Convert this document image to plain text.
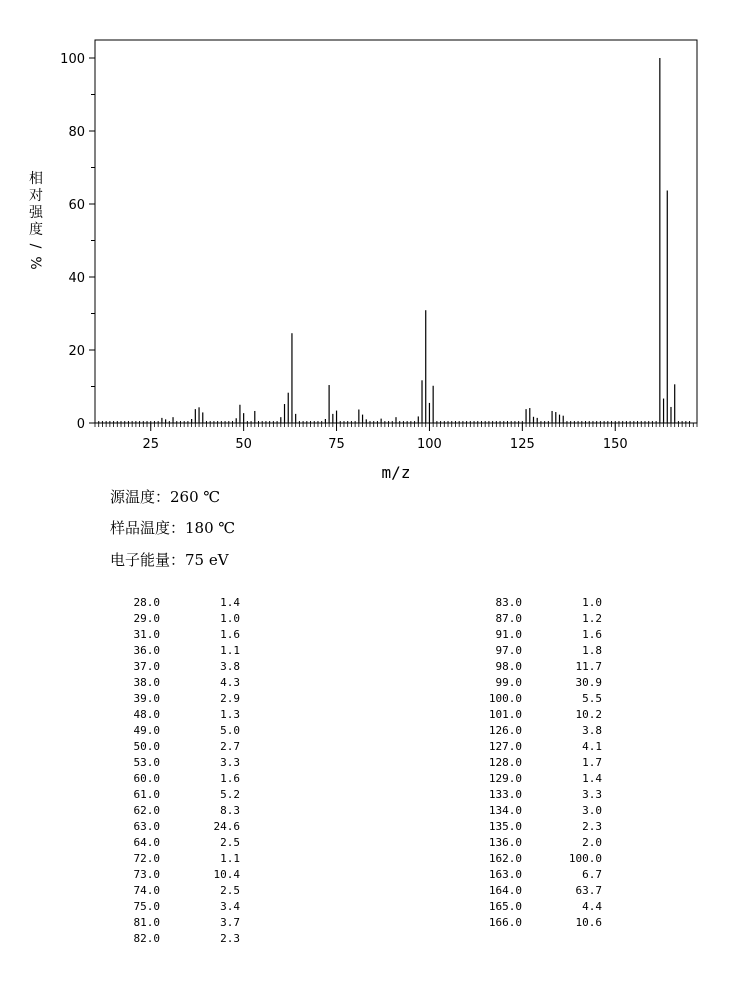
25	50	75	100	125	150
0
20
40
60
80
100
m/z
相
对
强
度
/
%
源温度：260 ℃
样品温度：180 ℃
电子能量：75 eV
28.0	1.4
29.0	1.0
31.0	1.6
36.0	1.1
37.0	3.8
38.0	4.3
39.0	2.9
48.0	1.3
49.0	5.0
50.0	2.7
53.0	3.3
60.0	1.6
61.0	5.2
62.0	8.3
63.0	24.6
64.0	2.5
72.0	1.1
73.0	10.4
74.0	2.5
75.0	3.4
81.0	3.7
82.0	2.3
83.0	1.0
87.0	1.2
91.0	1.6
97.0	1.8
98.0	11.7
99.0	30.9
100.0	5.5
101.0	10.2
126.0	3.8
127.0	4.1
128.0	1.7
129.0	1.4
133.0	3.3
134.0	3.0
135.0	2.3
136.0	2.0
162.0	100.0
163.0	6.7
164.0	63.7
165.0	4.4
166.0	10.6
